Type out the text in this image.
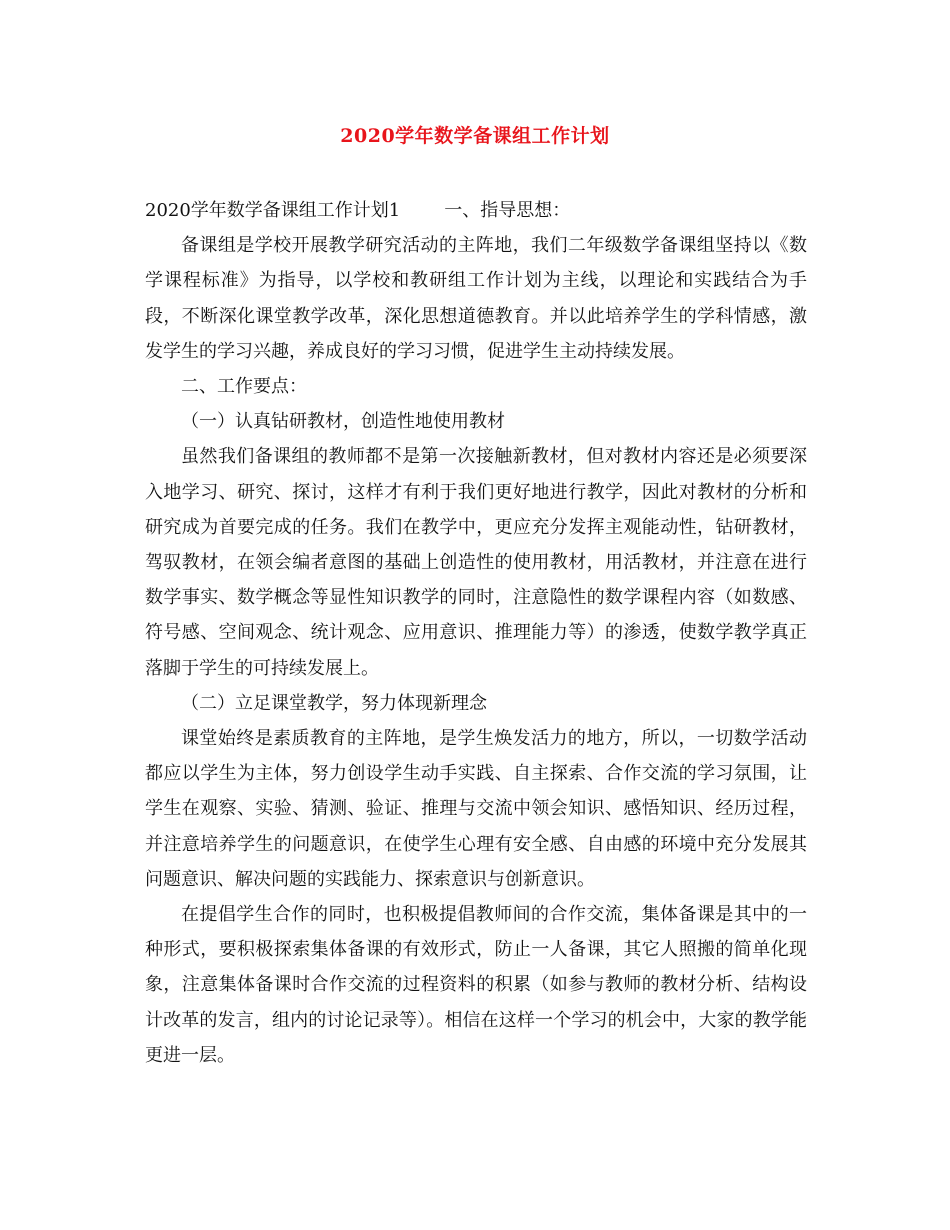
2020学年数学备课组工作计划

2020学年数学备课组工作计划1 一、指导思想：

备课组是学校开展教学研究活动的主阵地，我们二年级数学备课组坚持以《数学课程标准》为指导，以学校和教研组工作计划为主线，以理论和实践结合为手段，不断深化课堂教学改革，深化思想道德教育。并以此培养学生的学科情感，激发学生的学习兴趣，养成良好的学习习惯，促进学生主动持续发展。

二、工作要点：

（一）认真钻研教材，创造性地使用教材

虽然我们备课组的教师都不是第一次接触新教材，但对教材内容还是必须要深入地学习、研究、探讨，这样才有利于我们更好地进行教学，因此对教材的分析和研究成为首要完成的任务。我们在教学中，更应充分发挥主观能动性，钻研教材，驾驭教材，在领会编者意图的基础上创造性的使用教材，用活教材，并注意在进行数学事实、数学概念等显性知识教学的同时，注意隐性的数学课程内容（如数感、符号感、空间观念、统计观念、应用意识、推理能力等）的渗透，使数学教学真正落脚于学生的可持续发展上。

（二）立足课堂教学，努力体现新理念

课堂始终是素质教育的主阵地，是学生焕发活力的地方，所以，一切数学活动都应以学生为主体，努力创设学生动手实践、自主探索、合作交流的学习氛围，让学生在观察、实验、猜测、验证、推理与交流中领会知识、感悟知识、经历过程，并注意培养学生的问题意识，在使学生心理有安全感、自由感的环境中充分发展其问题意识、解决问题的实践能力、探索意识与创新意识。

在提倡学生合作的同时，也积极提倡教师间的合作交流，集体备课是其中的一种形式，要积极探索集体备课的有效形式，防止一人备课，其它人照搬的简单化现象，注意集体备课时合作交流的过程资料的积累（如参与教师的教材分析、结构设计改革的发言，组内的讨论记录等）。相信在这样一个学习的机会中，大家的教学能更进一层。
